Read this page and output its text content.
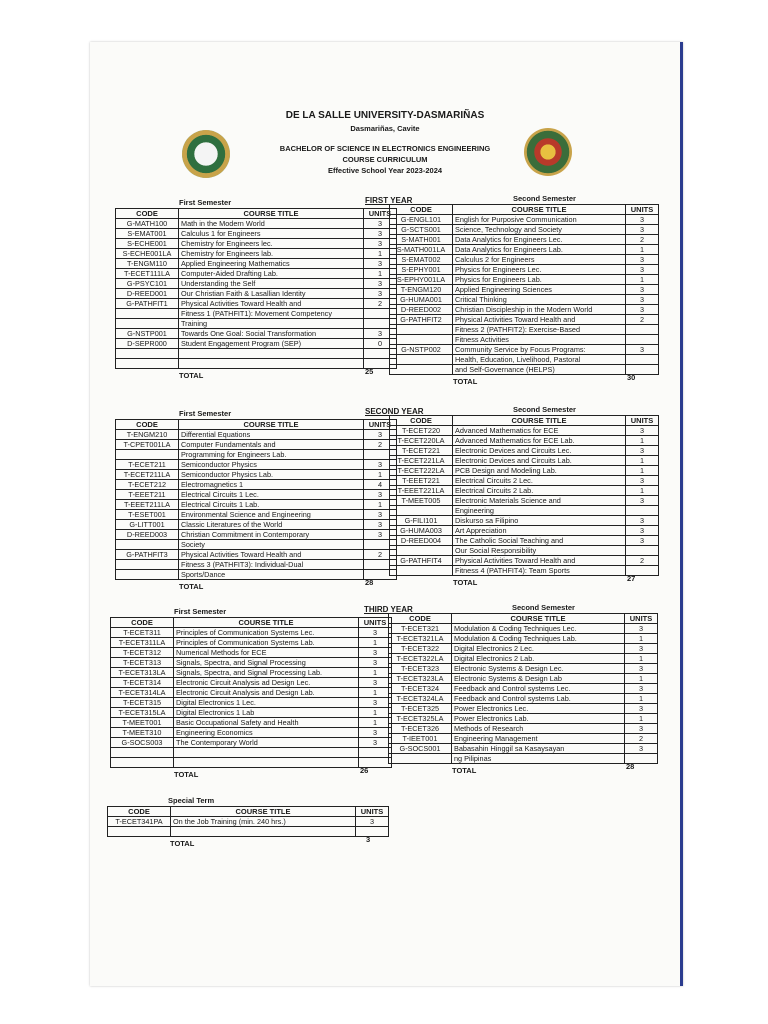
DE LA SALLE UNIVERSITY-DASMARIÑAS
Dasmariñas, Cavite
BACHELOR OF SCIENCE IN ELECTRONICS ENGINEERING
COURSE CURRICULUM
Effective School Year 2023-2024
FIRST YEAR
First Semester	Second Semester
CODE	COURSE TITLE	UNITS
G-MATH100	Math in the Modern World	3
S-EMAT001	Calculus 1 for Engineers	3
S-ECHE001	Chemistry for Engineers lec.	3
S-ECHE001LA	Chemistry for Engineers lab.	1
T-ENGM110	Applied Engineering Mathematics	3
T-ECET111LA	Computer-Aided Drafting Lab.	1
G-PSYC101	Understanding the Self	3
D-REED001	Our Christian Faith & Lasallian Identity	3
G-PATHFIT1	Physical Activities Toward Health and	2
	Fitness 1 (PATHFIT1): Movement Competency	
	Training	
G-NSTP001	Towards One Goal: Social Transformation	3
D-SEPR000	Student Engagement Program (SEP)	0

CODE	COURSE TITLE	UNITS
G-ENGL101	English for Purposive Communication	3
G-SCTS001	Science, Technology and Society	3
S-MATH001	Data Analytics for Engineers Lec.	2
S-MATH001LA	Data Analytics for Engineers Lab.	1
S-EMAT002	Calculus 2 for Engineers	3
S-EPHY001	Physics for Engineers Lec.	3
S-EPHY001LA	Physics for Engineers Lab.	1
T-ENGM120	Applied Engineering Sciences	3
G-HUMA001	Critical Thinking	3
D-REED002	Christian Discipleship in the Modern World	3
G-PATHFIT2	Physical Activities Toward Health and	2
	Fitness 2 (PATHFIT2): Exercise-Based	
	Fitness Activities	
G-NSTP002	Community Service by Focus Programs:	3
	Health, Education, Livelihood, Pastoral	
	and Self-Governance (HELPS)	
TOTAL	25
TOTAL	30
SECOND YEAR
First Semester	Second Semester
CODE	COURSE TITLE	UNITS
T-ENGM210	Differential Equations	3
T-CPET001LA	Computer Fundamentals and	2
	Programming for Engineers Lab.	
T-ECET211	Semiconductor Physics	3
T-ECET211LA	Semiconductor Physics Lab.	1
T-ECET212	Electromagnetics 1	4
T-EEET211	Electrical Circuits 1 Lec.	3
T-EEET211LA	Electrical Circuits 1 Lab.	1
T-ESET001	Environmental Science and Engineering	3
G-LITT001	Classic Literatures of the World	3
D-REED003	Christian Commitment in Contemporary	3
	Society	
G-PATHFIT3	Physical Activities Toward Health and	2
	Fitness 3 (PATHFIT3): Individual-Dual	
	Sports/Dance	
CODE	COURSE TITLE	UNITS
T-ECET220	Advanced Mathematics for ECE	3
T-ECET220LA	Advanced Mathematics for ECE Lab.	1
T-ECET221	Electronic Devices and Circuits Lec.	3
T-ECET221LA	Electronic Devices and Circuits Lab.	1
T-ECET222LA	PCB Design and Modeling Lab.	1
T-EEET221	Electrical Circuits 2 Lec.	3
T-EEET221LA	Electrical Circuits 2 Lab.	1
T-MEET005	Electronic Materials Science and	3
	Engineering	
G-FILI101	Diskurso sa Filipino	3
G-HUMA003	Art Appreciation	3
D-REED004	The Catholic Social Teaching and	3
	Our Social Responsibility	
G-PATHFIT4	Physical Activities Toward Health and	2
	Fitness 4 (PATHFIT4): Team Sports	
TOTAL	28	TOTAL	27
THIRD YEAR
First Semester	Second Semester
CODE	COURSE TITLE	UNITS
T-ECET311	Principles of Communication Systems Lec.	3
T-ECET311LA	Principles of Communication Systems Lab.	1
T-ECET312	Numerical Methods for ECE	3
T-ECET313	Signals, Spectra, and Signal Processing	3
T-ECET313LA	Signals, Spectra, and Signal Processing Lab.	1
T-ECET314	Electronic Circuit Analysis ad Design Lec.	3
T-ECET314LA	Electronic Circuit Analysis and Design Lab.	1
T-ECET315	Digital Electronics 1 Lec.	3
T-ECET315LA	Digital Electronics 1 Lab	1
T-MEET001	Basic Occupational Safety and Health	1
T-MEET310	Engineering Economics	3
G-SOCS003	The Contemporary World	3

CODE	COURSE TITLE	UNITS
T-ECET321	Modulation & Coding Techniques Lec.	3
T-ECET321LA	Modulation & Coding Techniques Lab.	1
T-ECET322	Digital Electronics 2 Lec.	3
T-ECET322LA	Digital Electronics 2 Lab.	1
T-ECET323	Electronic Systems & Design Lec.	3
T-ECET323LA	Electronic Systems & Design Lab	1
T-ECET324	Feedback and Control systems Lec.	3
T-ECET324LA	Feedback and Control systems Lab.	1
T-ECET325	Power Electronics Lec.	3
T-ECET325LA	Power Electronics Lab.	1
T-ECET326	Methods of Research	3
T-IEET001	Engineering Management	2
G-SOCS001	Babasahin Hinggil sa Kasaysayan	3
	ng Pilipinas	
TOTAL	26	TOTAL	28
Special Term
CODE	COURSE TITLE	UNITS
T-ECET341PA	On the Job Training (min. 240 hrs.)	3

TOTAL	3
